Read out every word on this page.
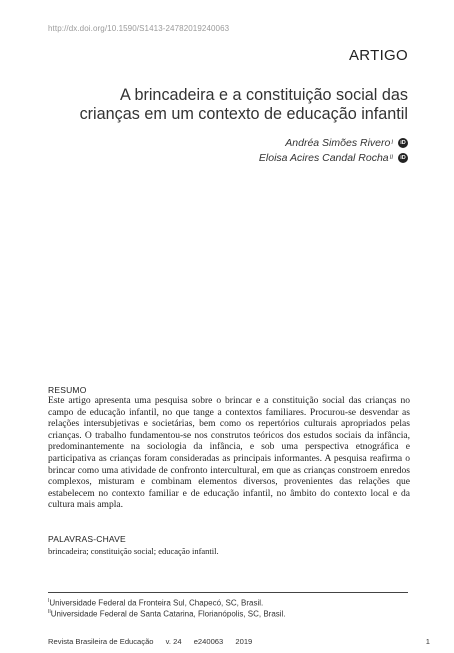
http://dx.doi.org/10.1590/S1413-24782019240063
ARTIGO
A brincadeira e a constituição social das crianças em um contexto de educação infantil
Andréa Simões Rivero I	iD
Eloisa Acires Candal Rocha II	iD
RESUMO

Este artigo apresenta uma pesquisa sobre o brincar e a constituição social das crianças no campo de educação infantil, no que tange a contextos familiares. Procurou-se desvendar as relações intersubjetivas e societárias, bem como os repertórios culturais apropriados pelas crianças. O trabalho fundamentou-se nos construtos teóricos dos estudos sociais da infância, predominantemente na sociologia da infância, e sob uma perspectiva etnográfica e participativa as crianças foram consideradas as principais informantes. A pesquisa reafirma o brincar como uma atividade de confronto intercultural, em que as crianças constroem enredos complexos, misturam e combinam elementos diversos, provenientes das relações que estabelecem no contexto familiar e de educação infantil, no âmbito do contexto local e da cultura mais ampla.

PALAVRAS-CHAVE
brincadeira; constituição social; educação infantil.
$^I$Universidade Federal da Fronteira Sul, Chapecó, SC, Brasil.
$^{II}$Universidade Federal de Santa Catarina, Florianópolis, SC, Brasil.
Revista Brasileira de Educação v. 24 e240063 2019	1
